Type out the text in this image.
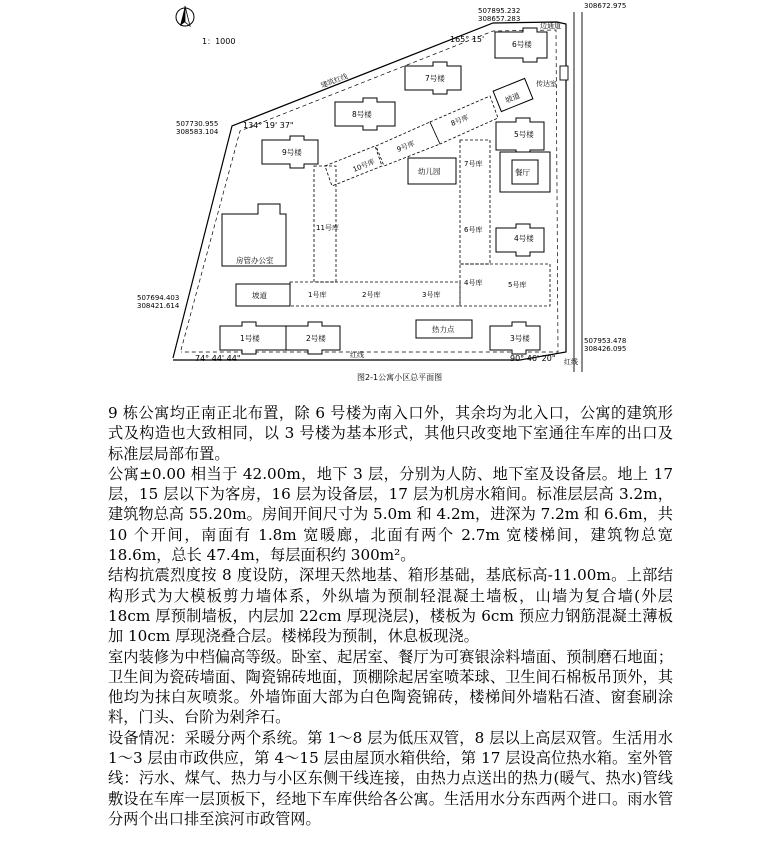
1：1000
507895.232
308657.283
308672.975
507730.955
308583.104
507694.403
308421.614
507953.478
308426.095
165° 15'
134° 19' 37"
74° 44' 44"	90° 46' 20"
建筑红线
红线
红线
边通道
传达室
1号库	2号库	3号库
4号库	5号库
6号库
7号库
11号库
10号库
9号库
8号库
9号楼
8号楼
7号楼
6号楼
5号楼
4号楼
3号楼
2号楼
1号楼
餐厅
幼儿园
热力点
坡道
坡道
房管办公室
图2-1公寓小区总平面图

9 栋公寓均正南正北布置，除 6 号楼为南入口外，其余均为北入口，公寓的建筑形式及构造也大致相同，以 3 号楼为基本形式，其他只改变地下室通往车库的出口及标准层局部布置。

公寓±0.00 相当于 42.00m，地下 3 层，分别为人防、地下室及设备层。地上 17 层，15 层以下为客房，16 层为设备层，17 层为机房水箱间。标准层层高 3.2m，建筑物总高 55.20m。房间开间尺寸为 5.0m 和 4.2m，进深为 7.2m 和 6.6m，共 10 个开间，南面有 1.8m 宽暖廊，北面有两个 2.7m 宽楼梯间，建筑物总宽 18.6m，总长 47.4m，每层面积约 300m²。

结构抗震烈度按 8 度设防，深埋天然地基、箱形基础，基底标高-11.00m。上部结构形式为大模板剪力墙体系，外纵墙为预制轻混凝土墙板，山墙为复合墙(外层 18cm 厚预制墙板，内层加 22cm 厚现浇层)，楼板为 6cm 预应力钢筋混凝土薄板加 10cm 厚现浇叠合层。楼梯段为预制，休息板现浇。

室内装修为中档偏高等级。卧室、起居室、餐厅为可赛银涂料墙面、预制磨石地面；卫生间为瓷砖墙面、陶瓷锦砖地面，顶棚除起居室喷苯球、卫生间石棉板吊顶外，其他均为抹白灰喷浆。外墙饰面大部为白色陶瓷锦砖，楼梯间外墙粘石渣、窗套刷涂料，门头、台阶为剁斧石。

设备情况：采暖分两个系统。第 1～8 层为低压双管，8 层以上高层双管。生活用水 1～3 层由市政供应，第 4～15 层由屋顶水箱供给，第 17 层设高位热水箱。室外管线：污水、煤气、热力与小区东侧干线连接，由热力点送出的热力(暖气、热水)管线敷设在车库一层顶板下，经地下车库供给各公寓。生活用水分东西两个进口。雨水管分两个出口排至滨河市政管网。
